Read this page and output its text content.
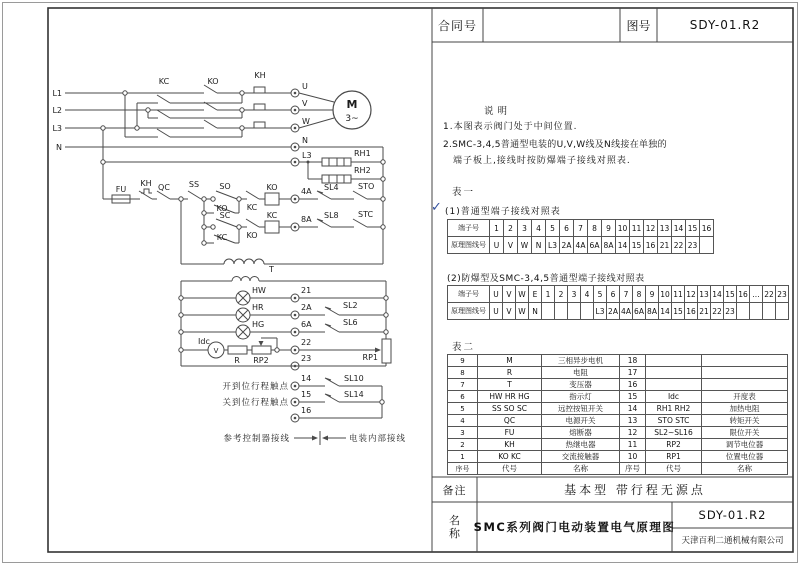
L1
L2
L3
N
KC	KO
KH
U
V
W
N
L3
M
3~
RH1
RH2
FU
KH QC SS	SO
KO KC
KO	4A SL4 STO
SC
KC KO
KC	8A SL8 STC
T
HW	21
HR	2A	SL2
HG	6A	SL6
Idc
V
R RP2
22
RP1
23
14
15
16
SL10
SL14
开到位行程触点
关到位行程触点
参考控制器接线	电装内部接线
合同号	图号	SDY-01.R2
说明
1.本图表示阀门处于中间位置.
2.SMC-3,4,5普通型电装的U,V,W线及N线接在单独的
端子板上,接线时按防爆端子接线对照表.
表一
✓ (1)普通型端子接线对照表
端子号	1	2	3	4	5	6	7	8	9	10	11	12	13	14	15	16
原理图线号	U	V	W	N	L3	2A	4A	6A	8A	14	15	16	21	22	23	
(2)防爆型及SMC-3,4,5普通型端子接线对照表
端子号	U	V	W	E	1	2	3	4	5	6	7	8	9	10	11	12	13	14	15	16	...	22	23
原理图线号	U	V	W	N					L3	2A	4A	6A	8A	14	15	16	21	22	23				
表二
9	M	三相异步电机	18		
8	R	电阻	17		
7	T	变压器	16		
6	HW HR HG	指示灯	15	Idc	开度表
5	SS SO SC	远控按钮开关	14	RH1 RH2	加热电阻
4	QC	电源开关	13	STO STC	转矩开关
3	FU	熔断器	12	SL2~SL16	限位开关
2	KH	热继电器	11	RP2	调节电位器
1	KO KC	交流接触器	10	RP1	位置电位器
序号	代号	名称	序号	代号	名称
备注	基本型 带行程无源点
名称 SMC系列阀门电动装置电气原理图
SDY-01.R2
天津百利二通机械有限公司
